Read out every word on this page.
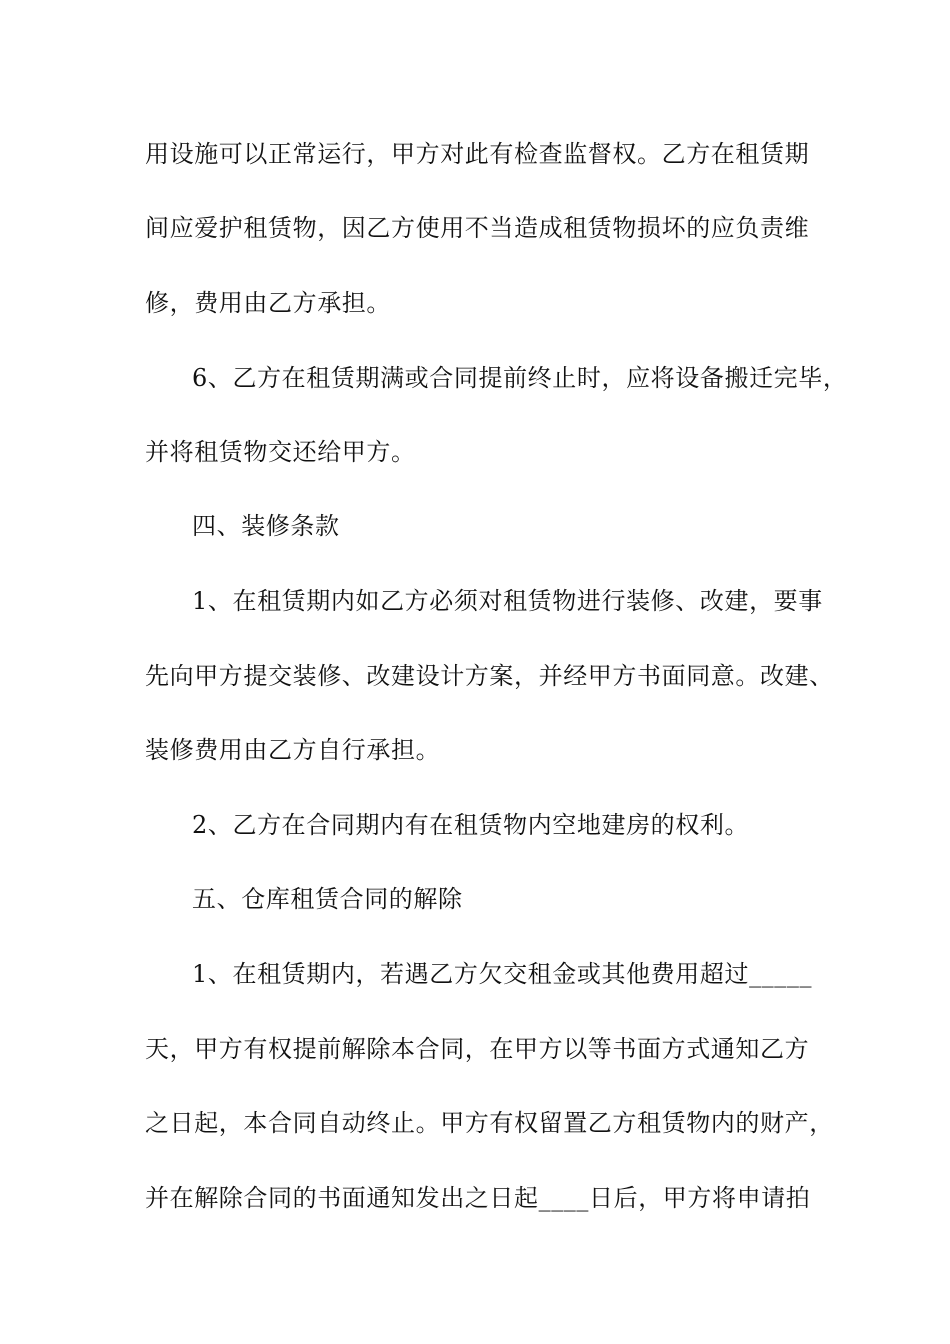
用设施可以正常运行，甲方对此有检查监督权。乙方在租赁期
间应爱护租赁物，因乙方使用不当造成租赁物损坏的应负责维
修，费用由乙方承担。
6、乙方在租赁期满或合同提前终止时，应将设备搬迁完毕，
并将租赁物交还给甲方。
四、装修条款
1、在租赁期内如乙方必须对租赁物进行装修、改建，要事
先向甲方提交装修、改建设计方案，并经甲方书面同意。改建、
装修费用由乙方自行承担。
2、乙方在合同期内有在租赁物内空地建房的权利。
五、仓库租赁合同的解除
1、在租赁期内，若遇乙方欠交租金或其他费用超过_____
天，甲方有权提前解除本合同，在甲方以等书面方式通知乙方
之日起，本合同自动终止。甲方有权留置乙方租赁物内的财产，
并在解除合同的书面通知发出之日起____日后，甲方将申请拍
